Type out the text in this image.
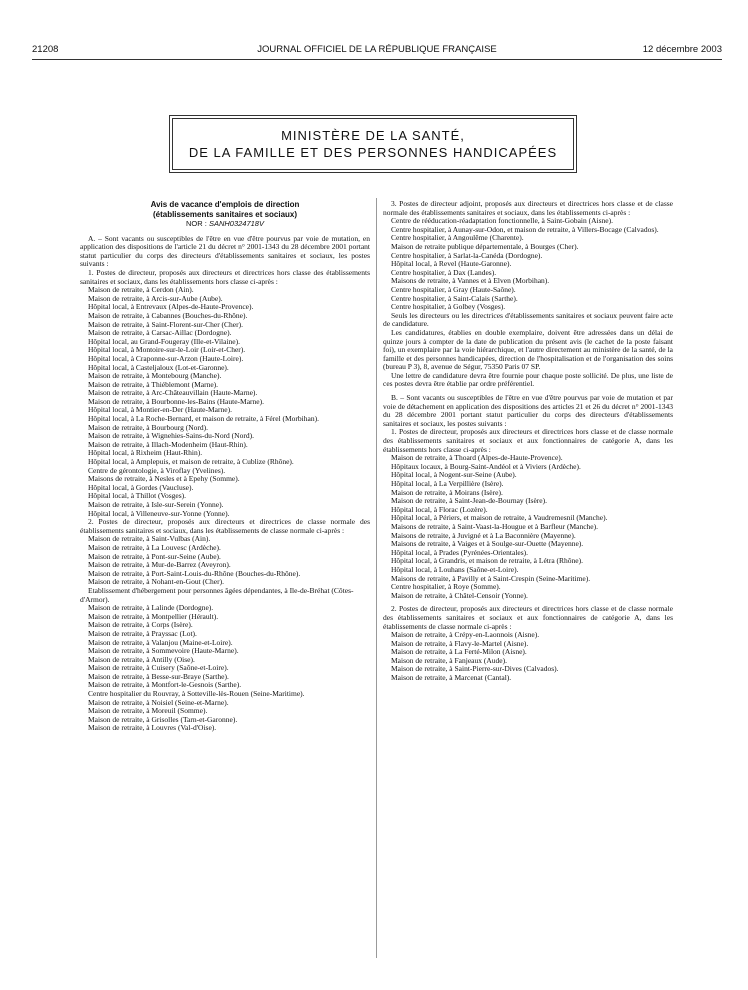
21208	JOURNAL OFFICIEL DE LA RÉPUBLIQUE FRANÇAISE	12 décembre 2003
MINISTÈRE DE LA SANTÉ,
DE LA FAMILLE ET DES PERSONNES HANDICAPÉES
Avis de vacance d'emplois de direction
(établissements sanitaires et sociaux)
NOR : SANH0324718V

A. – Sont vacants ou susceptibles de l'être en vue d'être pourvus par voie de mutation, en application des dispositions de l'article 21 du décret n° 2001-1343 du 28 décembre 2001 portant statut particulier du corps des directeurs d'établissements sanitaires et sociaux, les postes suivants :

1. Postes de directeur, proposés aux directeurs et directrices hors classe des établissements sanitaires et sociaux, dans les établissements hors classe ci-après :

Maison de retraite, à Cerdon (Ain).
Maison de retraite, à Arcis-sur-Aube (Aube).
Hôpital local, à Entrevaux (Alpes-de-Haute-Provence).
Maison de retraite, à Cabannes (Bouches-du-Rhône).
Maison de retraite, à Saint-Florent-sur-Cher (Cher).
Maison de retraite, à Carsac-Aillac (Dordogne).
Hôpital local, au Grand-Fougeray (Ille-et-Vilaine).
Hôpital local, à Montoire-sur-le-Loir (Loir-et-Cher).
Hôpital local, à Craponne-sur-Arzon (Haute-Loire).
Hôpital local, à Casteljaloux (Lot-et-Garonne).
Maison de retraite, à Montebourg (Manche).
Maison de retraite, à Thiéblemont (Marne).
Maison de retraite, à Arc-Châteauvillain (Haute-Marne).
Maison de retraite, à Bourbonne-les-Bains (Haute-Marne).
Hôpital local, à Montier-en-Der (Haute-Marne).
Hôpital local, à La Roche-Bernard, et maison de retraite, à Férel (Morbihan).
Maison de retraite, à Bourbourg (Nord).
Maison de retraite, à Wignehies-Sains-du-Nord (Nord).
Maison de retraite, à Illach-Modenheim (Haut-Rhin).
Hôpital local, à Rixheim (Haut-Rhin).
Hôpital local, à Amplepuis, et maison de retraite, à Cublize (Rhône).
Centre de gérontologie, à Viroflay (Yvelines).
Maisons de retraite, à Nesles et à Epehy (Somme).
Hôpital local, à Gordes (Vaucluse).
Hôpital local, à Thillot (Vosges).
Maison de retraite, à Isle-sur-Serein (Yonne).
Hôpital local, à Villeneuve-sur-Yonne (Yonne).

2. Postes de directeur, proposés aux directeurs et directrices de classe normale des établissements sanitaires et sociaux, dans les établissements de classe normale ci-après :

Maison de retraite, à Saint-Vulbas (Ain).
Maison de retraite, à La Louvesc (Ardèche).
Maison de retraite, à Pont-sur-Seine (Aube).
Maison de retraite, à Mur-de-Barrez (Aveyron).
Maison de retraite, à Port-Saint-Louis-du-Rhône (Bouches-du-Rhône).
Maison de retraite, à Nohant-en-Gout (Cher).
Etablissement d'hébergement pour personnes âgées dépendantes, à Ile-de-Bréhat (Côtes-d'Armor).
Maison de retraite, à Lalinde (Dordogne).
Maison de retraite, à Montpellier (Hérault).
Maison de retraite, à Corps (Isère).
Maison de retraite, à Prayssac (Lot).
Maison de retraite, à Valanjou (Maine-et-Loire).
Maison de retraite, à Sommevoire (Haute-Marne).
Maison de retraite, à Antilly (Oise).
Maison de retraite, à Cuisery (Saône-et-Loire).
Maison de retraite, à Besse-sur-Braye (Sarthe).
Maison de retraite, à Montfort-le-Gesnois (Sarthe).
Centre hospitalier du Rouvray, à Sotteville-lès-Rouen (Seine-Maritime).
Maison de retraite, à Noisiel (Seine-et-Marne).
Maison de retraite, à Moreuil (Somme).
Maison de retraite, à Grisolles (Tarn-et-Garonne).
Maison de retraite, à Louvres (Val-d'Oise).

3. Postes de directeur adjoint, proposés aux directeurs et directrices hors classe et de classe normale des établissements sanitaires et sociaux, dans les établissements ci-après :

Centre de rééducation-réadaptation fonctionnelle, à Saint-Gobain (Aisne).
Centre hospitalier, à Aunay-sur-Odon, et maison de retraite, à Villers-Bocage (Calvados).
Centre hospitalier, à Angoulême (Charente).
Maison de retraite publique départementale, à Bourges (Cher).
Centre hospitalier, à Sarlat-la-Canéda (Dordogne).
Hôpital local, à Revel (Haute-Garonne).
Centre hospitalier, à Dax (Landes).
Maisons de retraite, à Vannes et à Elven (Morbihan).
Centre hospitalier, à Gray (Haute-Saône).
Centre hospitalier, à Saint-Calais (Sarthe).
Centre hospitalier, à Golbey (Vosges).

Seuls les directeurs ou les directrices d'établissements sanitaires et sociaux peuvent faire acte de candidature.

Les candidatures, établies en double exemplaire, doivent être adressées dans un délai de quinze jours à compter de la date de publication du présent avis (le cachet de la poste faisant foi), un exemplaire par la voie hiérarchique, et l'autre directement au ministère de la santé, de la famille et des personnes handicapées, direction de l'hospitalisation et de l'organisation des soins (bureau P 3), 8, avenue de Ségur, 75350 Paris 07 SP.

Une lettre de candidature devra être fournie pour chaque poste sollicité. De plus, une liste de ces postes devra être établie par ordre préférentiel.

B. – Sont vacants ou susceptibles de l'être en vue d'être pourvus par voie de mutation et par voie de détachement en application des dispositions des articles 21 et 26 du décret n° 2001-1343 du 28 décembre 2001 portant statut particulier du corps des directeurs d'établissements sanitaires et sociaux, les postes suivants :

1. Postes de directeur, proposés aux directeurs et directrices hors classe et de classe normale des établissements sanitaires et sociaux et aux fonctionnaires de catégorie A, dans les établissements hors classe ci-après :

Maison de retraite, à Thoard (Alpes-de-Haute-Provence).
Hôpitaux locaux, à Bourg-Saint-Andéol et à Viviers (Ardèche).
Hôpital local, à Nogent-sur-Seine (Aube).
Hôpital local, à La Verpillière (Isère).
Maison de retraite, à Moirans (Isère).
Maison de retraite, à Saint-Jean-de-Bournay (Isère).
Hôpital local, à Florac (Lozère).
Hôpital local, à Périers, et maison de retraite, à Vaudremesnil (Manche).
Maisons de retraite, à Saint-Vaast-la-Hougue et à Barfleur (Manche).
Maisons de retraite, à Juvigné et à La Baconnière (Mayenne).
Maisons de retraite, à Vaiges et à Soulge-sur-Ouette (Mayenne).
Hôpital local, à Prades (Pyrénées-Orientales).
Hôpital local, à Grandris, et maison de retraite, à Létra (Rhône).
Hôpital local, à Louhans (Saône-et-Loire).
Maisons de retraite, à Pavilly et à Saint-Crespin (Seine-Maritime).
Centre hospitalier, à Roye (Somme).
Maison de retraite, à Châtel-Censoir (Yonne).

2. Postes de directeur, proposés aux directeurs et directrices hors classe et de classe normale des établissements sanitaires et sociaux et aux fonctionnaires de catégorie A, dans les établissements de classe normale ci-après :

Maison de retraite, à Crépy-en-Laonnois (Aisne).
Maison de retraite, à Flavy-le-Martel (Aisne).
Maison de retraite, à La Ferté-Milon (Aisne).
Maison de retraite, à Fanjeaux (Aude).
Maison de retraite, à Saint-Pierre-sur-Dives (Calvados).
Maison de retraite, à Marcenat (Cantal).
